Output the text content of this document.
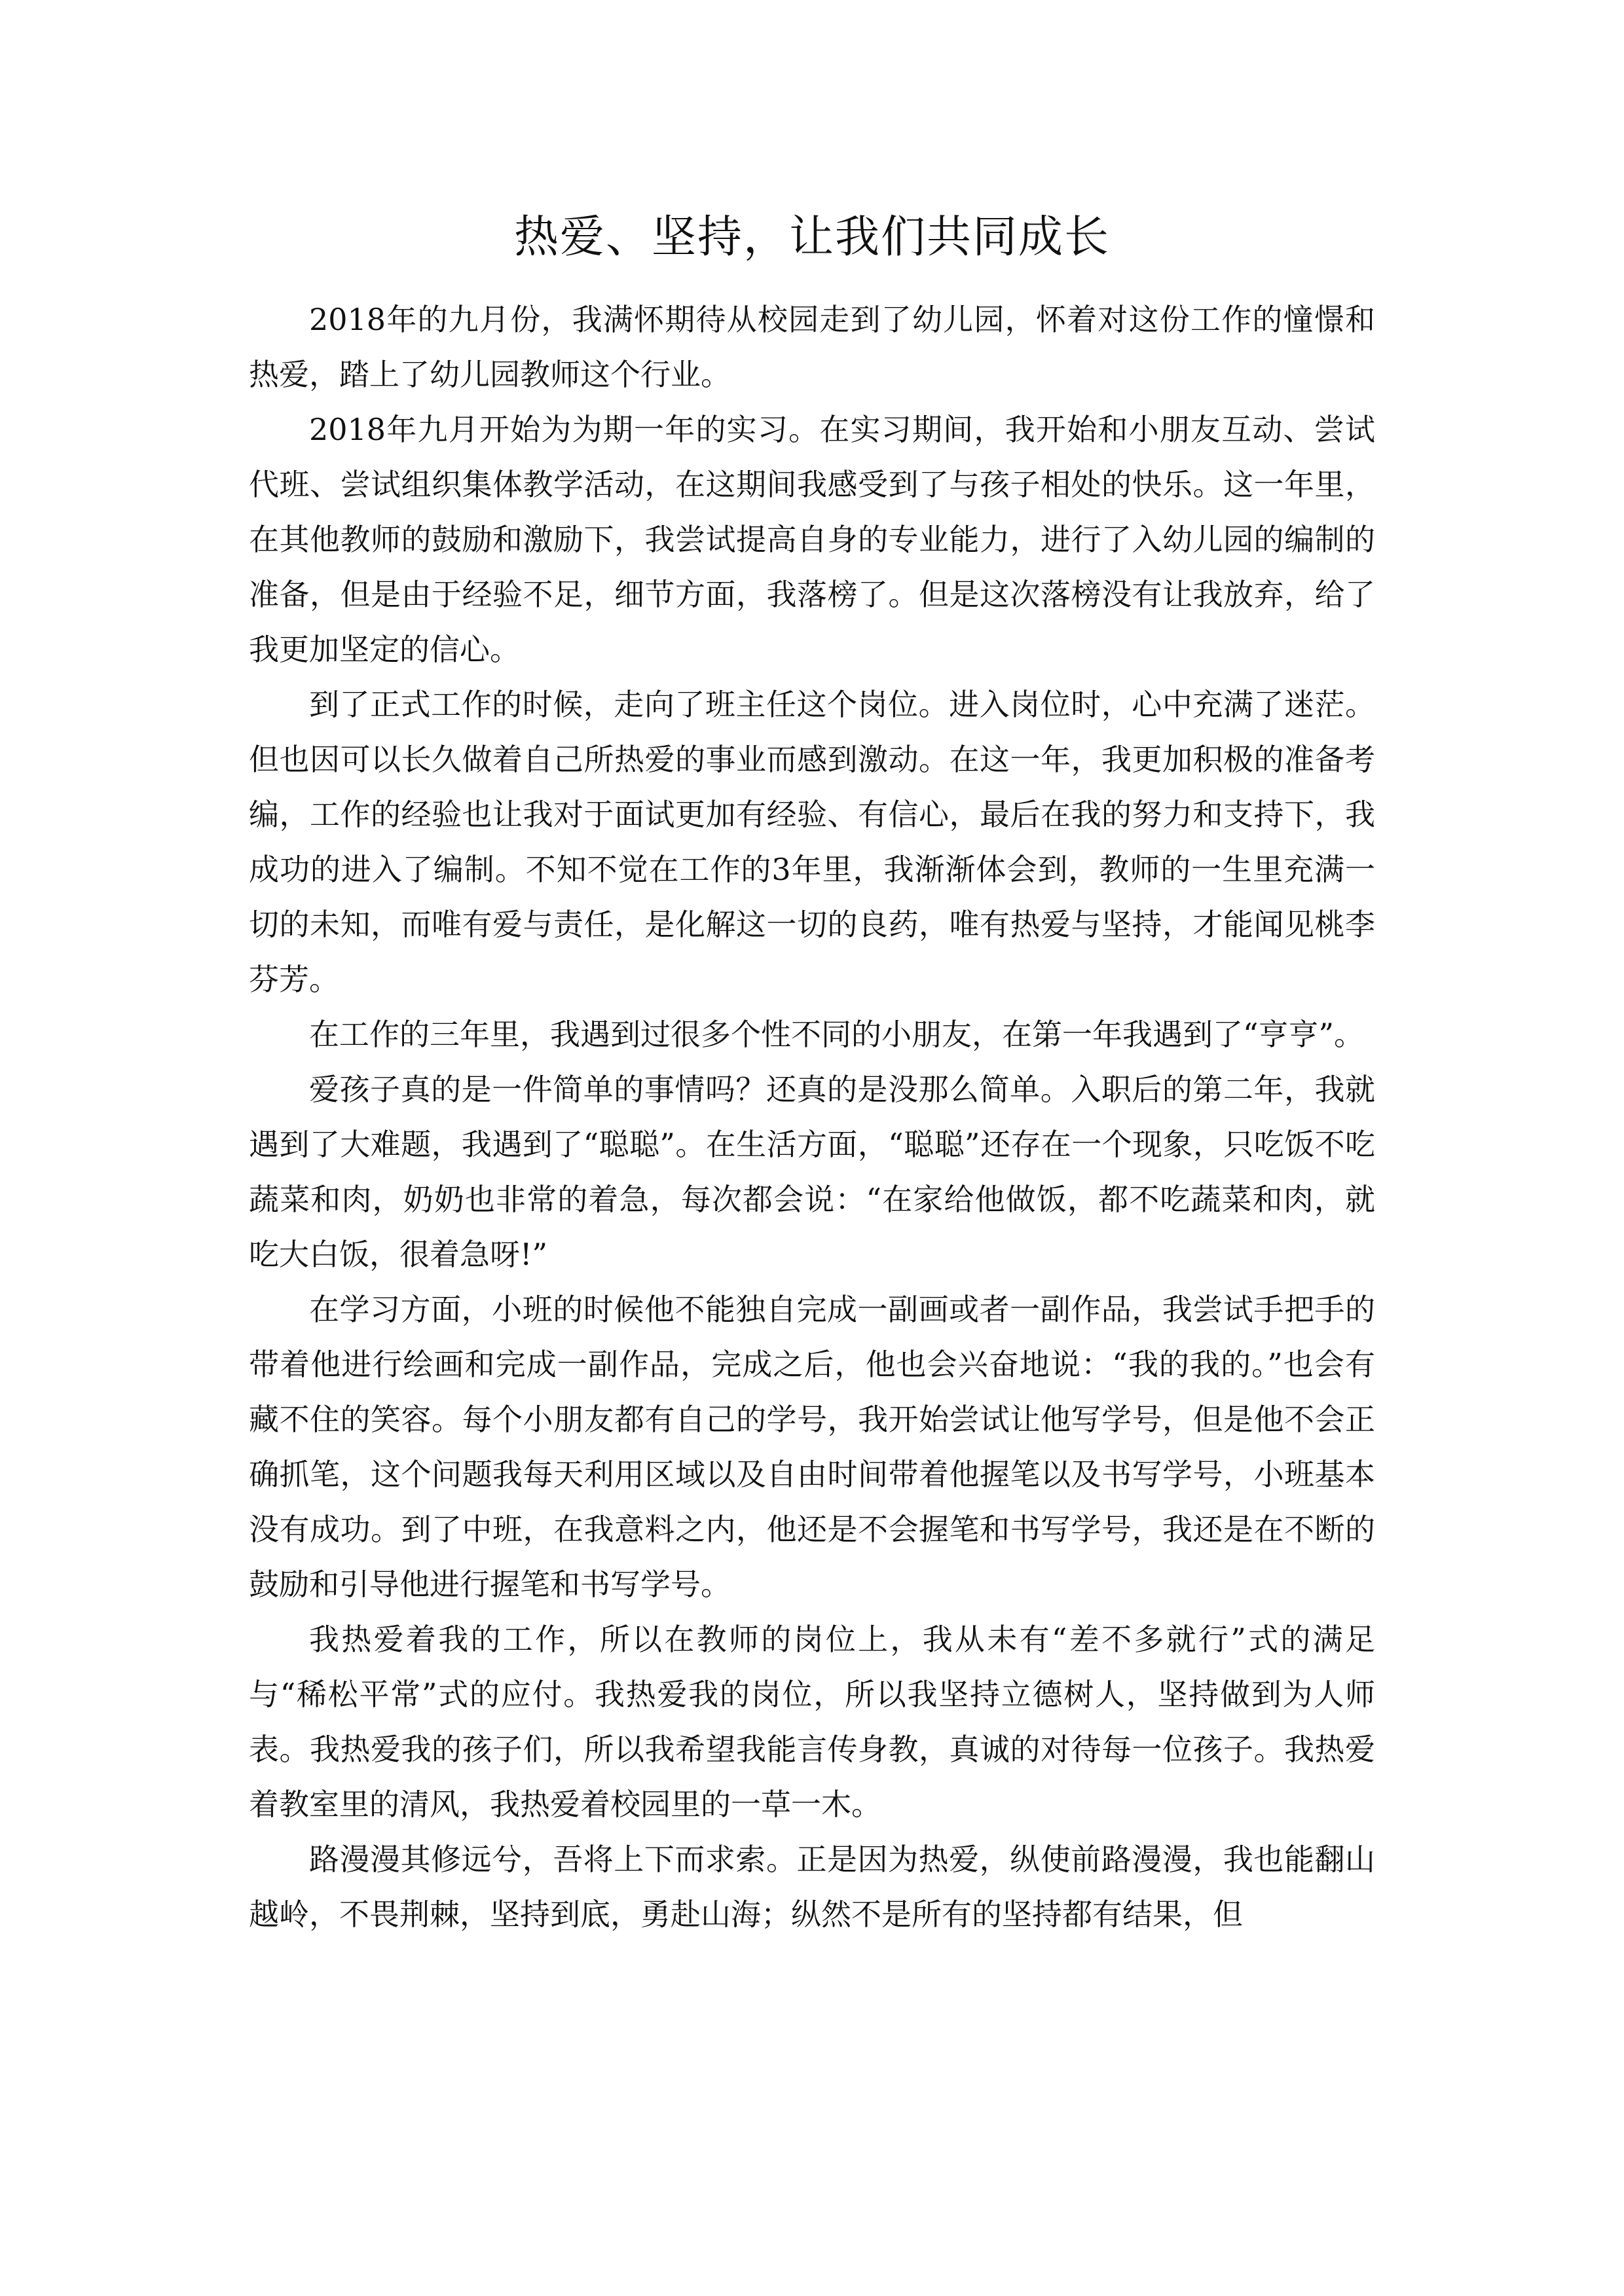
热爱、坚持，让我们共同成长

2018年的九月份，我满怀期待从校园走到了幼儿园，怀着对这份工作的憧憬和热爱，踏上了幼儿园教师这个行业。

2018年九月开始为为期一年的实习。在实习期间，我开始和小朋友互动、尝试代班、尝试组织集体教学活动，在这期间我感受到了与孩子相处的快乐。这一年里，在其他教师的鼓励和激励下，我尝试提高自身的专业能力，进行了入幼儿园的编制的准备，但是由于经验不足，细节方面，我落榜了。但是这次落榜没有让我放弃，给了我更加坚定的信心。

到了正式工作的时候，走向了班主任这个岗位。进入岗位时，心中充满了迷茫。但也因可以长久做着自己所热爱的事业而感到激动。在这一年，我更加积极的准备考编，工作的经验也让我对于面试更加有经验、有信心，最后在我的努力和支持下，我成功的进入了编制。不知不觉在工作的3年里，我渐渐体会到，教师的一生里充满一切的未知，而唯有爱与责任，是化解这一切的良药，唯有热爱与坚持，才能闻见桃李芬芳。

在工作的三年里，我遇到过很多个性不同的小朋友，在第一年我遇到了“亨亨”。

爱孩子真的是一件简单的事情吗？还真的是没那么简单。入职后的第二年，我就遇到了大难题，我遇到了“聪聪”。在生活方面，“聪聪”还存在一个现象，只吃饭不吃蔬菜和肉，奶奶也非常的着急，每次都会说：“在家给他做饭，都不吃蔬菜和肉，就吃大白饭，很着急呀!”

在学习方面，小班的时候他不能独自完成一副画或者一副作品，我尝试手把手的带着他进行绘画和完成一副作品，完成之后，他也会兴奋地说：“我的我的。”也会有藏不住的笑容。每个小朋友都有自己的学号，我开始尝试让他写学号，但是他不会正确抓笔，这个问题我每天利用区域以及自由时间带着他握笔以及书写学号，小班基本没有成功。到了中班，在我意料之内，他还是不会握笔和书写学号，我还是在不断的鼓励和引导他进行握笔和书写学号。

我热爱着我的工作，所以在教师的岗位上，我从未有“差不多就行”式的满足与“稀松平常”式的应付。我热爱我的岗位，所以我坚持立德树人，坚持做到为人师表。我热爱我的孩子们，所以我希望我能言传身教，真诚的对待每一位孩子。我热爱着教室里的清风，我热爱着校园里的一草一木。

路漫漫其修远兮，吾将上下而求索。正是因为热爱，纵使前路漫漫，我也能翻山越岭，不畏荆棘，坚持到底，勇赴山海；纵然不是所有的坚持都有结果，但
